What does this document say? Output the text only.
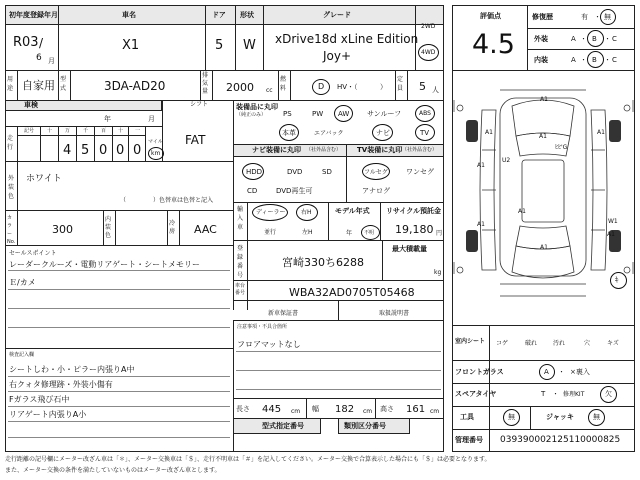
初年度登録年月	車名	ドア 形状	グレード
R03 /
6 月
X1	5 W xDrive18d xLine Edition
Joy+
2WD
4WD
用途 自家用 型式	3DA-AD20
排気量 2000 cc
燃料	D HV・（	）
定員 5 人
車検	シフト
年	月
走行
記号	十	万	千	百 十 一
4 5 0 0 0
マイル
km
FAT
外
装
色
ホワイト
（	）色替車は色替と記入
カラーNo.
300
内装色
冷房 AAC
装備品に丸印
（純正のみ） PS	PW AW	サンルーフ	ABS
本革	エアバック	ナビ	TV
ナビ装備に丸印 （社外品含む） TV装備に丸印 （社外品含む）
HDD	DVD	SD
CD	DVD再生可
フルセグ	ワンセグ
アナログ
輸
入
車
ディーラー	右H
並行	左H
モデル年式
年 不明
リサイクル預託金
19,180 円
登
録
番
号
宮崎330ち6288
最大積載量
kg
車台番号	WBA32AD0705T05468
新車保証書	取扱説明書
セールスポイント
レーダークルーズ・電動リアゲート・シートメモリー
Ｅ/カメ
注意事項・不具合箇所
フロアマットなし
検査記入欄
シートしわ・小・ピラー内張りA中
右クォタ修理跡・外装小傷有
Fガラス飛び石中
リアゲート内張りA小
長さ 445 cm 幅 182 cm 高さ 161 cm
型式指定番号	類別区分番号
評価点
4.5
修復歴	有 ・ 無
外装	A ・ B ・ C
内装	A ・ B ・ C
A1
A1
A1	A1
A1
U2
A1
A1	W1
A1
A1
ﾋﾋ'G
ｷ
室内シート	コゲ	破れ	汚れ	穴	キズ
フロントガラス	A ・ ×裏入
スペアタイヤ	T ・ 修理KIT	欠
工具	無	ジャッキ	無
管理番号 039390002125110000825
走行距離の記号欄にメーター改ざん車は「＊」、メーター交換車は「＄」、走行不明車は「＃」を記入してください。メーター交換で合算表示した場合にも「＄」は必要となります。
また、メーター交換の条件を満たしていないものはメーター改ざん車とします。
